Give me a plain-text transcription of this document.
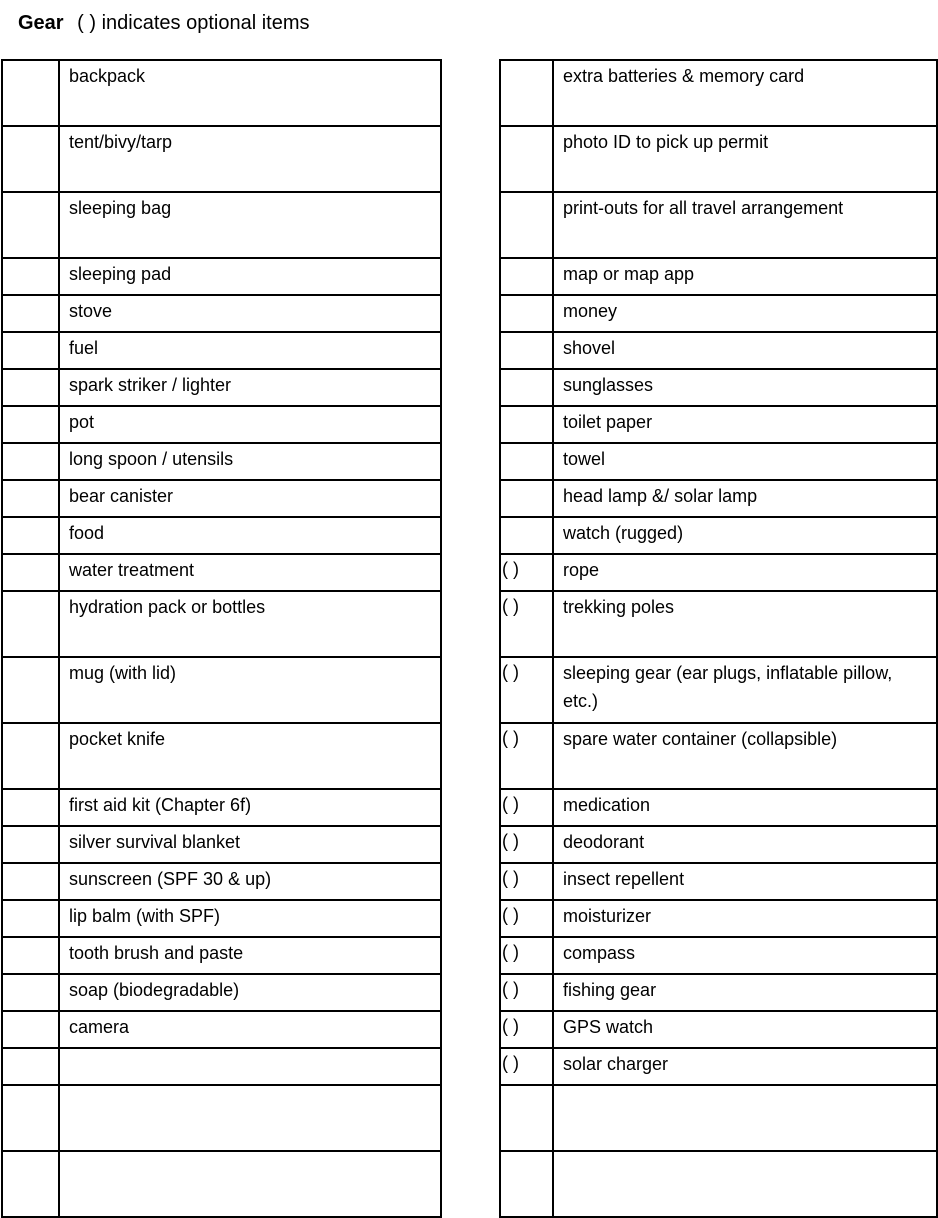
Gear ( ) indicates optional items
	backpack
	tent/bivy/tarp
	sleeping bag
	sleeping pad
	stove
	fuel
	spark striker / lighter
	pot
	long spoon / utensils
	bear canister
	food
	water treatment
	hydration pack or bottles
	mug (with lid)
	pocket knife
	first aid kit (Chapter 6f)
	silver survival blanket
	sunscreen (SPF 30 & up)
	lip balm (with SPF)
	tooth brush and paste
	soap (biodegradable)
	camera

	extra batteries & memory card
	photo ID to pick up permit
	print-outs for all travel arrangement
	map or map app
	money
	shovel
	sunglasses
	toilet paper
	towel
	head lamp &/ solar lamp
	watch (rugged)
( )	rope
( )	trekking poles
( )	sleeping gear (ear plugs, inflatable pillow, etc.)
( )	spare water container (collapsible)
( )	medication
( )	deodorant
( )	insect repellent
( )	moisturizer
( )	compass
( )	fishing gear
( )	GPS watch
( )	solar charger
